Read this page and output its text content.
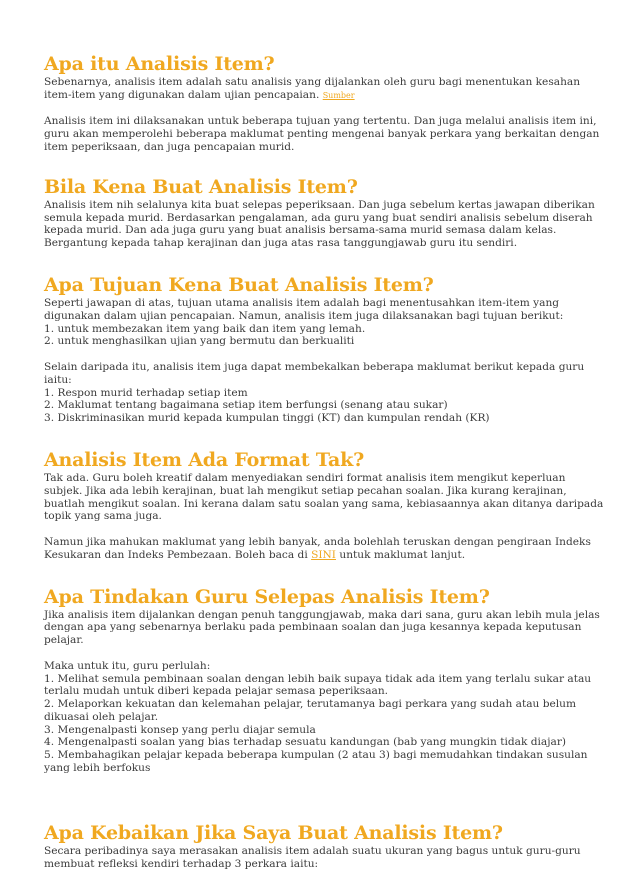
Apa itu Analisis Item?

Sebenarnya, analisis item adalah satu analisis yang dijalankan oleh guru bagi menentukan kesahan item-item yang digunakan dalam ujian pencapaian. Sumber

Analisis item ini dilaksanakan untuk beberapa tujuan yang tertentu. Dan juga melalui analisis item ini, guru akan memperolehi beberapa maklumat penting mengenai banyak perkara yang berkaitan dengan item peperiksaan, dan juga pencapaian murid.

Bila Kena Buat Analisis Item?

Analisis item nih selalunya kita buat selepas peperiksaan. Dan juga sebelum kertas jawapan diberikan semula kepada murid. Berdasarkan pengalaman, ada guru yang buat sendiri analisis sebelum diserah kepada murid. Dan ada juga guru yang buat analisis bersama-sama murid semasa dalam kelas. Bergantung kepada tahap kerajinan dan juga atas rasa tanggungjawab guru itu sendiri.

Apa Tujuan Kena Buat Analisis Item?

Seperti jawapan di atas, tujuan utama analisis item adalah bagi menentusahkan item-item yang digunakan dalam ujian pencapaian. Namun, analisis item juga dilaksanakan bagi tujuan berikut:

1. untuk membezakan item yang baik dan item yang lemah.

2. untuk menghasilkan ujian yang bermutu dan berkualiti

Selain daripada itu, analisis item juga dapat membekalkan beberapa maklumat berikut kepada guru iaitu:

1. Respon murid terhadap setiap item

2. Maklumat tentang bagaimana setiap item berfungsi (senang atau sukar)

3. Diskriminasikan murid kepada kumpulan tinggi (KT) dan kumpulan rendah (KR)

Analisis Item Ada Format Tak?

Tak ada. Guru boleh kreatif dalam menyediakan sendiri format analisis item mengikut keperluan subjek. Jika ada lebih kerajinan, buat lah mengikut setiap pecahan soalan. Jika kurang kerajinan, buatlah mengikut soalan. Ini kerana dalam satu soalan yang sama, kebiasaannya akan ditanya daripada topik yang sama juga.

Namun jika mahukan maklumat yang lebih banyak, anda bolehlah teruskan dengan pengiraan Indeks Kesukaran dan Indeks Pembezaan. Boleh baca di SINI untuk maklumat lanjut.

Apa Tindakan Guru Selepas Analisis Item?

Jika analisis item dijalankan dengan penuh tanggungjawab, maka dari sana, guru akan lebih mula jelas dengan apa yang sebenarnya berlaku pada pembinaan soalan dan juga kesannya kepada keputusan pelajar.

Maka untuk itu, guru perlulah:

1. Melihat semula pembinaan soalan dengan lebih baik supaya tidak ada item yang terlalu sukar atau terlalu mudah untuk diberi kepada pelajar semasa peperiksaan.

2. Melaporkan kekuatan dan kelemahan pelajar, terutamanya bagi perkara yang sudah atau belum dikuasai oleh pelajar.

3. Mengenalpasti konsep yang perlu diajar semula

4. Mengenalpasti soalan yang bias terhadap sesuatu kandungan (bab yang mungkin tidak diajar)

5. Membahagikan pelajar kepada beberapa kumpulan (2 atau 3) bagi memudahkan tindakan susulan yang lebih berfokus

Apa Kebaikan Jika Saya Buat Analisis Item?

Secara peribadinya saya merasakan analisis item adalah suatu ukuran yang bagus untuk guru-guru membuat refleksi kendiri terhadap 3 perkara iaitu:
